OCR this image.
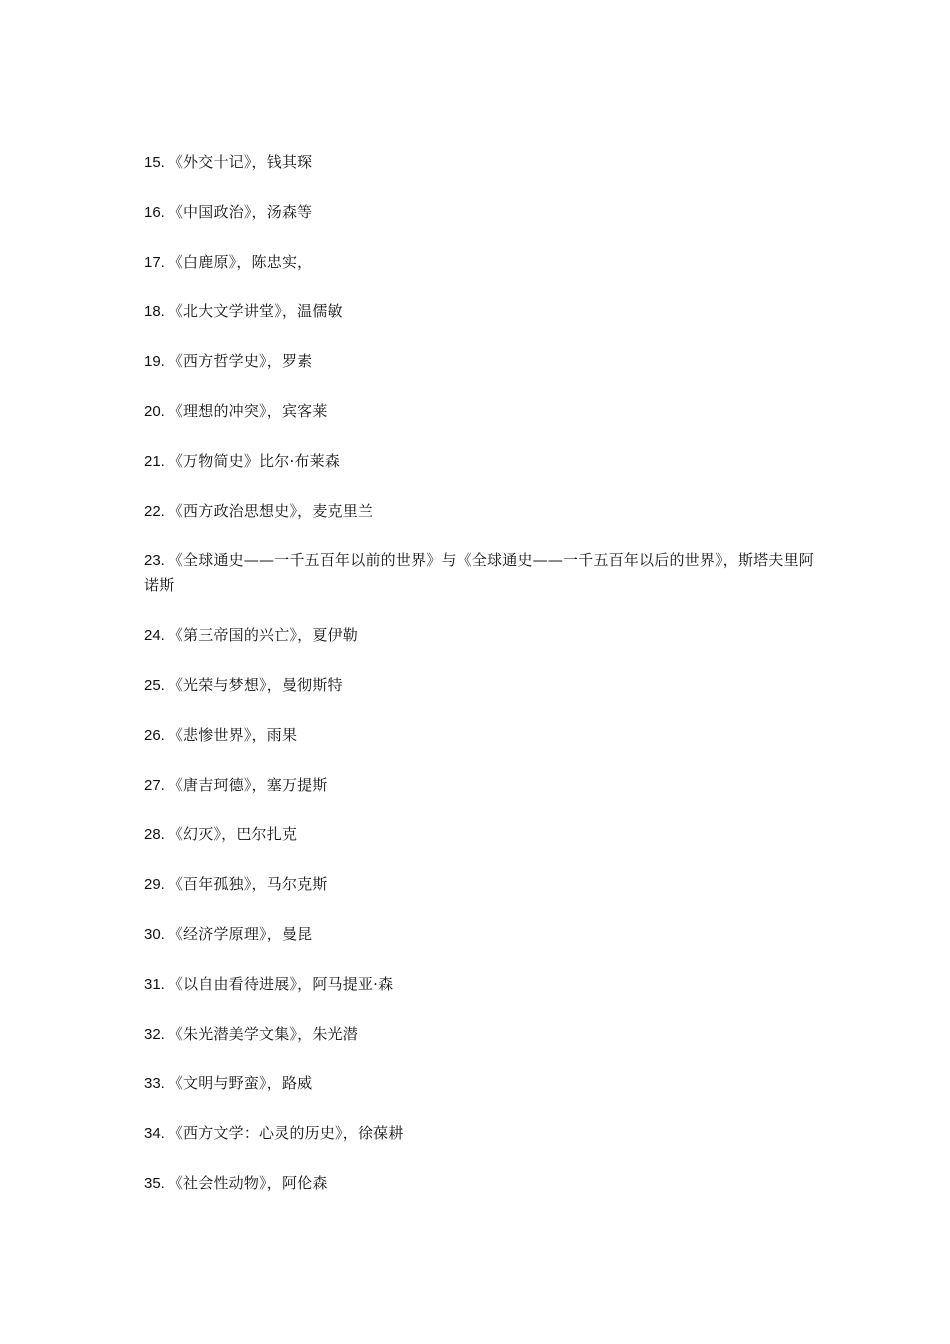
15. 《外交十记》，钱其琛
16. 《中国政治》，汤森等
17. 《白鹿原》，陈忠实，
18. 《北大文学讲堂》，温儒敏
19. 《西方哲学史》，罗素
20. 《理想的冲突》，宾客莱
21. 《万物简史》比尔·布莱森
22. 《西方政治思想史》，麦克里兰
23. 《全球通史——一千五百年以前的世界》与《全球通史——一千五百年以后的世界》，斯塔夫里阿诺斯
24. 《第三帝国的兴亡》，夏伊勒
25. 《光荣与梦想》，曼彻斯特
26. 《悲惨世界》，雨果
27. 《唐吉珂德》，塞万提斯
28. 《幻灭》，巴尔扎克
29. 《百年孤独》，马尔克斯
30. 《经济学原理》，曼昆
31. 《以自由看待进展》，阿马提亚·森
32. 《朱光潜美学文集》，朱光潜
33. 《文明与野蛮》，路威
34. 《西方文学：心灵的历史》，徐葆耕
35. 《社会性动物》，阿伦森
